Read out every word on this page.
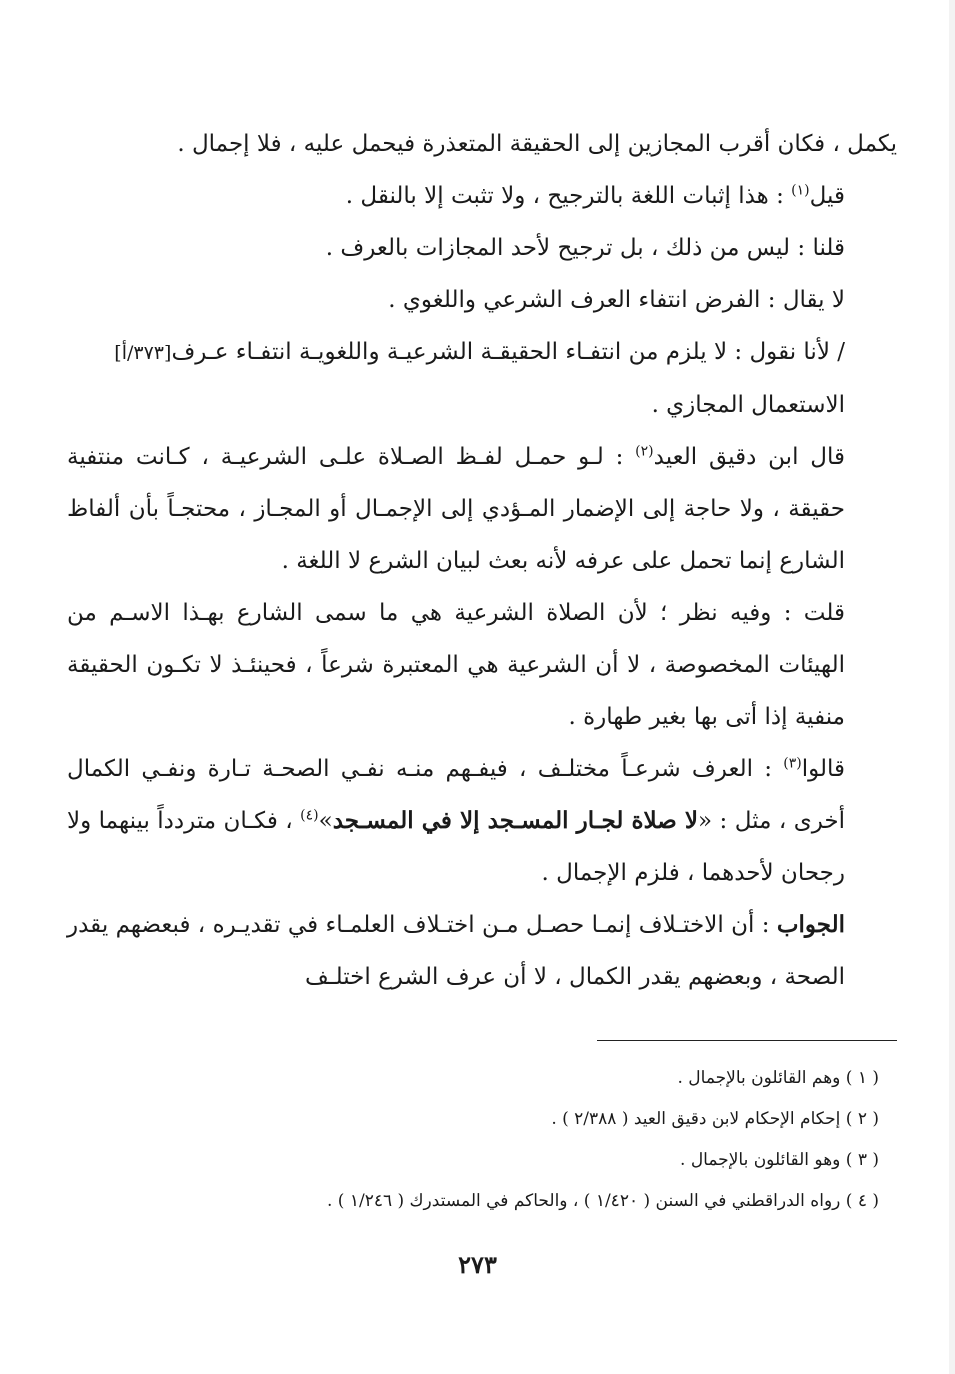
يكمل ، فكان أقرب المجازين إلى الحقيقة المتعذرة فيحمل عليه ، فلا إجمال .

قيل$^{(١)}$ : هذا إثبات اللغة بالترجيح ، ولا تثبت إلا بالنقل .

قلنا : ليس من ذلك ، بل ترجيح لأحد المجازات بالعرف .

لا يقال : الفرض انتفاء العرف الشرعي واللغوي .

/ لأنا نقول : لا يلزم من انتفـاء الحقيقـة الشرعيـة واللغويـة انتفـاء عـرف[٣٧٣/أ]
الاستعمال المجازي .

قال ابن دقيق العيد$^{(٢)}$ : لـو حمـل لفـظ الصـلاة علـى الشرعيـة ، كـانت منتفية حقيقة ، ولا حاجة إلى الإضمار المـؤدي إلى الإجمـال أو المجـاز ، محتجـاً بأن ألفاظ الشارع إنما تحمل على عرفه لأنه بعث لبيان الشرع لا اللغة .

قلت : وفيه نظر ؛ لأن الصلاة الشرعية هي ما سمى الشارع بهـذا الاسـم من الهيئات المخصوصة ، لا أن الشرعية هي المعتبرة شرعاً ، فحينئـذ لا تكـون الحقيقة منفية إذا أتى بها بغير طهارة .

قالوا$^{(٣)}$ : العرف شرعـاً مختلـف ، فيفـهم منـه نفـي الصحـة تـارة ونفـي الكمال أخرى ، مثل : «لا صلاة لجـار المسـجد إلا في المسـجد»$^{(٤)}$ ، فكـان متردداً بينهما ولا رجحان لأحدهما ، فلزم الإجمال .

الجواب : أن الاختـلاف إنمـا حصـل مـن اختـلاف العلمـاء في تقديـره ، فبعضهم يقدر الصحة ، وبعضهم يقدر الكمال ، لا أن عرف الشرع اختلـف

( ١ ) وهم القائلون بالإجمال .

( ٢ ) إحكام الإحكام لابن دقيق العيد ( ٢/٣٨٨ ) .

( ٣ ) وهو القائلون بالإجمال .

( ٤ ) رواه الدراقطني في السنن ( ١/٤٢٠ ) ، والحاكم في المستدرك ( ١/٢٤٦ ) .

٢٧٣
